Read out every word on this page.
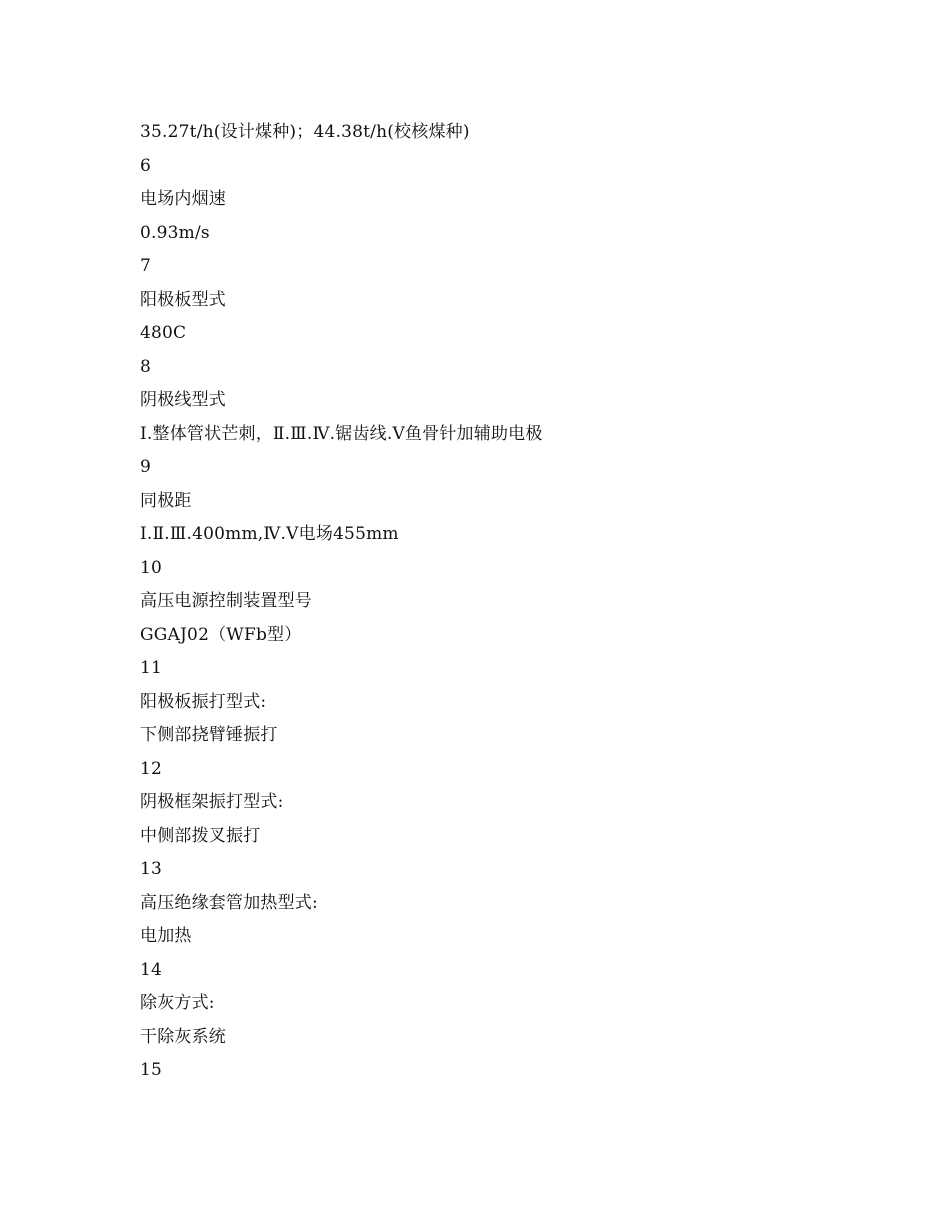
35.27t/h(设计煤种)；44.38t/h(校核煤种)
6
电场内烟速
0.93m/s
7
阳极板型式
480C
8
阴极线型式
Ⅰ.整体管状芒刺，Ⅱ.Ⅲ.Ⅳ.锯齿线.Ⅴ鱼骨针加辅助电极
9
同极距
Ⅰ.Ⅱ.Ⅲ.400mm,Ⅳ.Ⅴ电场455mm
10
高压电源控制装置型号
GGAJ02（WFb型）
11
阳极板振打型式:
下侧部挠臂锤振打
12
阴极框架振打型式:
中侧部拨叉振打
13
高压绝缘套管加热型式:
电加热
14
除灰方式:
干除灰系统
15
